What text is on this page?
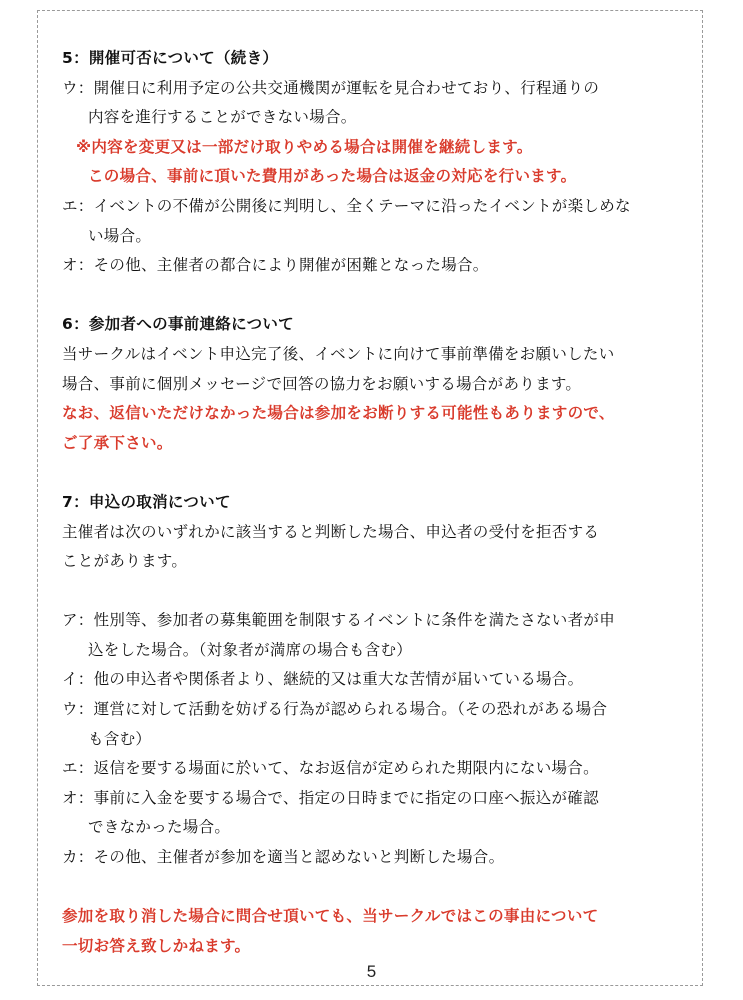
5：開催可否について（続き）
ウ：開催日に利用予定の公共交通機関が運転を見合わせており、行程通りの
内容を進行することができない場合。
※内容を変更又は一部だけ取りやめる場合は開催を継続します。
この場合、事前に頂いた費用があった場合は返金の対応を行います。
エ：イベントの不備が公開後に判明し、全くテーマに沿ったイベントが楽しめな
い場合。
オ：その他、主催者の都合により開催が困難となった場合。
6：参加者への事前連絡について
当サークルはイベント申込完了後、イベントに向けて事前準備をお願いしたい
場合、事前に個別メッセージで回答の協力をお願いする場合があります。
なお、返信いただけなかった場合は参加をお断りする可能性もありますので、
ご了承下さい。
7：申込の取消について
主催者は次のいずれかに該当すると判断した場合、申込者の受付を拒否する
ことがあります。
ア：性別等、参加者の募集範囲を制限するイベントに条件を満たさない者が申
込をした場合。（対象者が満席の場合も含む）
イ：他の申込者や関係者より、継続的又は重大な苦情が届いている場合。
ウ：運営に対して活動を妨げる行為が認められる場合。（その恐れがある場合
も含む）
エ：返信を要する場面に於いて、なお返信が定められた期限内にない場合。
オ：事前に入金を要する場合で、指定の日時までに指定の口座へ振込が確認
できなかった場合。
カ：その他、主催者が参加を適当と認めないと判断した場合。
参加を取り消した場合に問合せ頂いても、当サークルではこの事由について
一切お答え致しかねます。
5
